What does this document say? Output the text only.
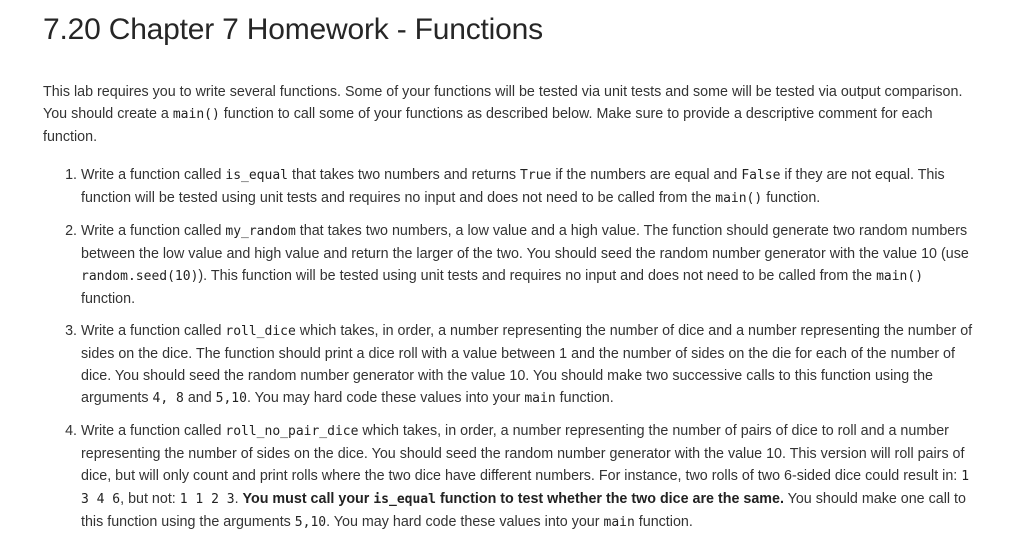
7.20 Chapter 7 Homework - Functions

This lab requires you to write several functions. Some of your functions will be tested via unit tests and some will be tested via output comparison. You should create a main() function to call some of your functions as described below. Make sure to provide a descriptive comment for each function.

1. Write a function called is_equal that takes two numbers and returns True if the numbers are equal and False if they are not equal. This function will be tested using unit tests and requires no input and does not need to be called from the main() function.
2. Write a function called my_random that takes two numbers, a low value and a high value. The function should generate two random numbers between the low value and high value and return the larger of the two. You should seed the random number generator with the value 10 (use random.seed(10)). This function will be tested using unit tests and requires no input and does not need to be called from the main() function.
3. Write a function called roll_dice which takes, in order, a number representing the number of dice and a number representing the number of sides on the dice. The function should print a dice roll with a value between 1 and the number of sides on the die for each of the number of dice. You should seed the random number generator with the value 10. You should make two successive calls to this function using the arguments 4, 8 and 5,10. You may hard code these values into your main function.
4. Write a function called roll_no_pair_dice which takes, in order, a number representing the number of pairs of dice to roll and a number representing the number of sides on the dice. You should seed the random number generator with the value 10. This version will roll pairs of dice, but will only count and print rolls where the two dice have different numbers. For instance, two rolls of two 6-sided dice could result in: 1 3 4 6, but not: 1 1 2 3. You must call your is_equal function to test whether the two dice are the same. You should make one call to this function using the arguments 5,10. You may hard code these values into your main function.
